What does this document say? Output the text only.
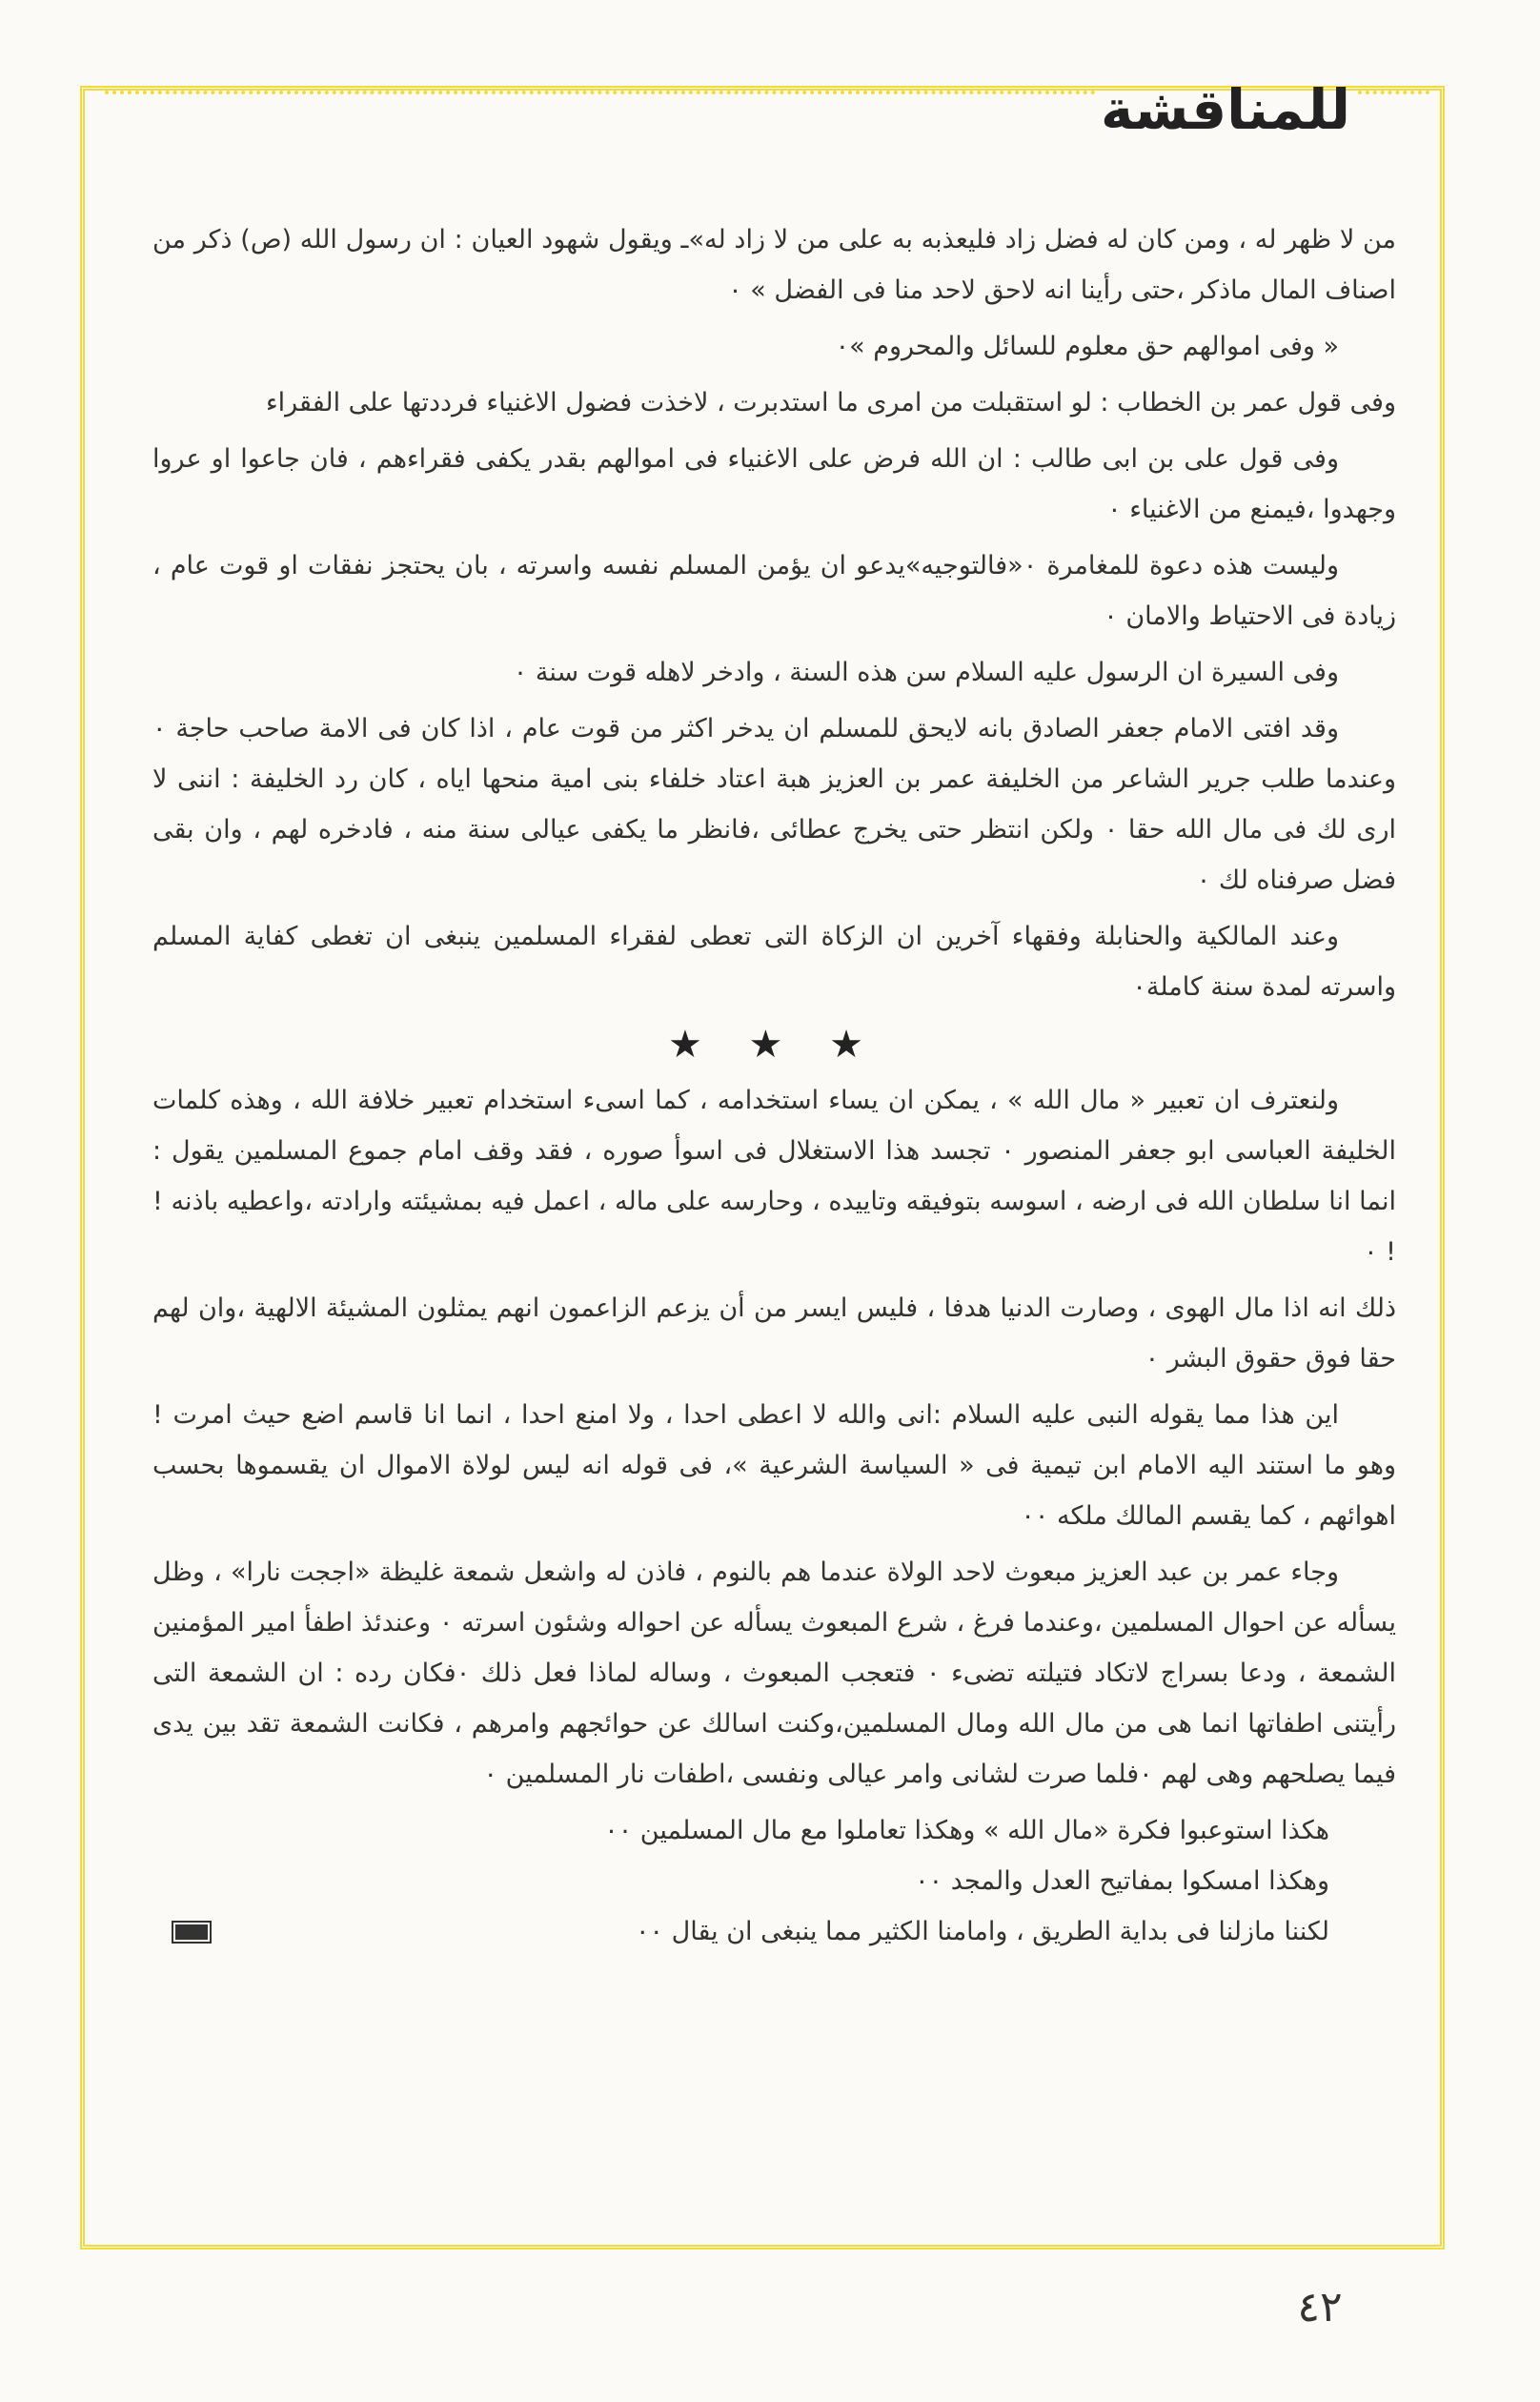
للمناقشة

من لا ظهر له ، ومن كان له فضل زاد فليعذبه به على من لا زاد له»ـ ويقول شهود العيان : ان رسول الله (ص) ذكر من اصناف المال ماذكر ،حتى رأينا انه لاحق لاحد منا فى الفضل » ٠

« وفى اموالهم حق معلوم للسائل والمحروم »٠

وفى قول عمر بن الخطاب : لو استقبلت من امرى ما استدبرت ، لاخذت فضول الاغنياء فرددتها على الفقراء

وفى قول على بن ابى طالب : ان الله فرض على الاغنياء فى اموالهم بقدر يكفى فقراءهم ، فان جاعوا او عروا وجهدوا ،فيمنع من الاغنياء ٠

وليست هذه دعوة للمغامرة ٠«فالتوجيه»يدعو ان يؤمن المسلم نفسه واسرته ، بان يحتجز نفقات او قوت عام ، زيادة فى الاحتياط والامان ٠

وفى السيرة ان الرسول عليه السلام سن هذه السنة ، وادخر لاهله قوت سنة ٠

وقد افتى الامام جعفر الصادق بانه لايحق للمسلم ان يدخر اكثر من قوت عام ، اذا كان فى الامة صاحب حاجة ٠ وعندما طلب جرير الشاعر من الخليفة عمر بن العزيز هبة اعتاد خلفاء بنى امية منحها اياه ، كان رد الخليفة : اننى لا ارى لك فى مال الله حقا ٠ ولكن انتظر حتى يخرج عطائى ،فانظر ما يكفى عيالى سنة منه ، فادخره لهم ، وان بقى فضل صرفناه لك ٠

وعند المالكية والحنابلة وفقهاء آخرين ان الزكاة التى تعطى لفقراء المسلمين ينبغى ان تغطى كفاية المسلم واسرته لمدة سنة كاملة٠

★ ★ ★

ولنعترف ان تعبير « مال الله » ، يمكن ان يساء استخدامه ، كما اسىء استخدام تعبير خلافة الله ، وهذه كلمات الخليفة العباسى ابو جعفر المنصور ٠ تجسد هذا الاستغلال فى اسوأ صوره ، فقد وقف امام جموع المسلمين يقول : انما انا سلطان الله فى ارضه ، اسوسه بتوفيقه وتاييده ، وحارسه على ماله ، اعمل فيه بمشيئته وارادته ،واعطيه باذنه ! ! ٠

ذلك انه اذا مال الهوى ، وصارت الدنيا هدفا ، فليس ايسر من أن يزعم الزاعمون انهم يمثلون المشيئة الالهية ،وان لهم حقا فوق حقوق البشر ٠

اين هذا مما يقوله النبى عليه السلام :انى والله لا اعطى احدا ، ولا امنع احدا ، انما انا قاسم اضع حيث امرت ! وهو ما استند اليه الامام ابن تيمية فى « السياسة الشرعية »، فى قوله انه ليس لولاة الاموال ان يقسموها بحسب اهوائهم ، كما يقسم المالك ملكه ٠٠

وجاء عمر بن عبد العزيز مبعوث لاحد الولاة عندما هم بالنوم ، فاذن له واشعل شمعة غليظة «اججت نارا» ، وظل يسأله عن احوال المسلمين ،وعندما فرغ ، شرع المبعوث يسأله عن احواله وشئون اسرته ٠ وعندئذ اطفأ امير المؤمنين الشمعة ، ودعا بسراج لاتكاد فتيلته تضىء ٠ فتعجب المبعوث ، وساله لماذا فعل ذلك ٠فكان رده : ان الشمعة التى رأيتنى اطفاتها انما هى من مال الله ومال المسلمين،وكنت اسالك عن حوائجهم وامرهم ، فكانت الشمعة تقد بين يدى فيما يصلحهم وهى لهم ٠فلما صرت لشانى وامر عيالى ونفسى ،اطفات نار المسلمين ٠

هكذا استوعبوا فكرة «مال الله » وهكذا تعاملوا مع مال المسلمين ٠٠

وهكذا امسكوا بمفاتيح العدل والمجد ٠٠

لكننا مازلنا فى بداية الطريق ، وامامنا الكثير مما ينبغى ان يقال ٠٠

٤٢
